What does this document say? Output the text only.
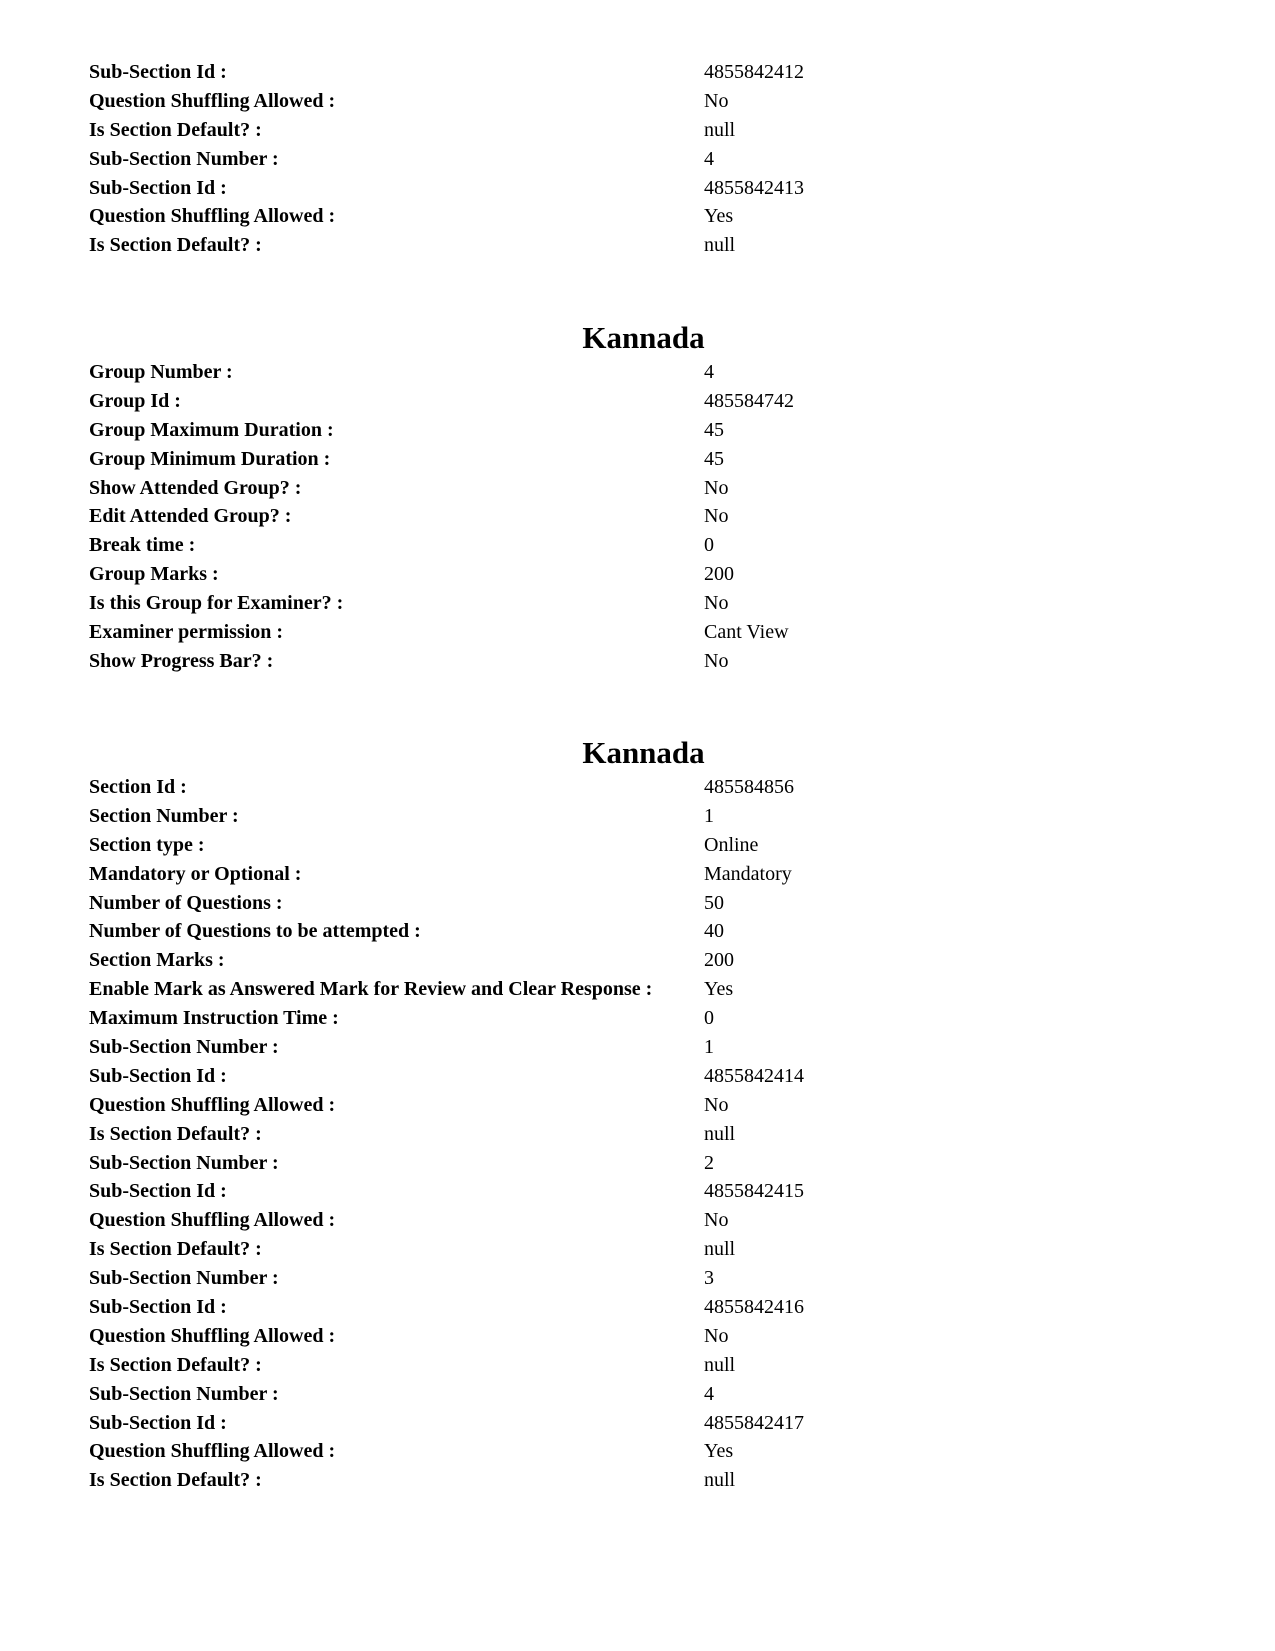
Sub-Section Id :	4855842412
Question Shuffling Allowed :	No
Is Section Default? :	null
Sub-Section Number :	4
Sub-Section Id :	4855842413
Question Shuffling Allowed :	Yes
Is Section Default? :	null
Kannada
Group Number :	4
Group Id :	485584742
Group Maximum Duration :	45
Group Minimum Duration :	45
Show Attended Group? :	No
Edit Attended Group? :	No
Break time :	0
Group Marks :	200
Is this Group for Examiner? :	No
Examiner permission :	Cant View
Show Progress Bar? :	No
Kannada
Section Id :	485584856
Section Number :	1
Section type :	Online
Mandatory or Optional :	Mandatory
Number of Questions :	50
Number of Questions to be attempted :	40
Section Marks :	200
Enable Mark as Answered Mark for Review and Clear Response :	Yes
Maximum Instruction Time :	0
Sub-Section Number :	1
Sub-Section Id :	4855842414
Question Shuffling Allowed :	No
Is Section Default? :	null
Sub-Section Number :	2
Sub-Section Id :	4855842415
Question Shuffling Allowed :	No
Is Section Default? :	null
Sub-Section Number :	3
Sub-Section Id :	4855842416
Question Shuffling Allowed :	No
Is Section Default? :	null
Sub-Section Number :	4
Sub-Section Id :	4855842417
Question Shuffling Allowed :	Yes
Is Section Default? :	null
